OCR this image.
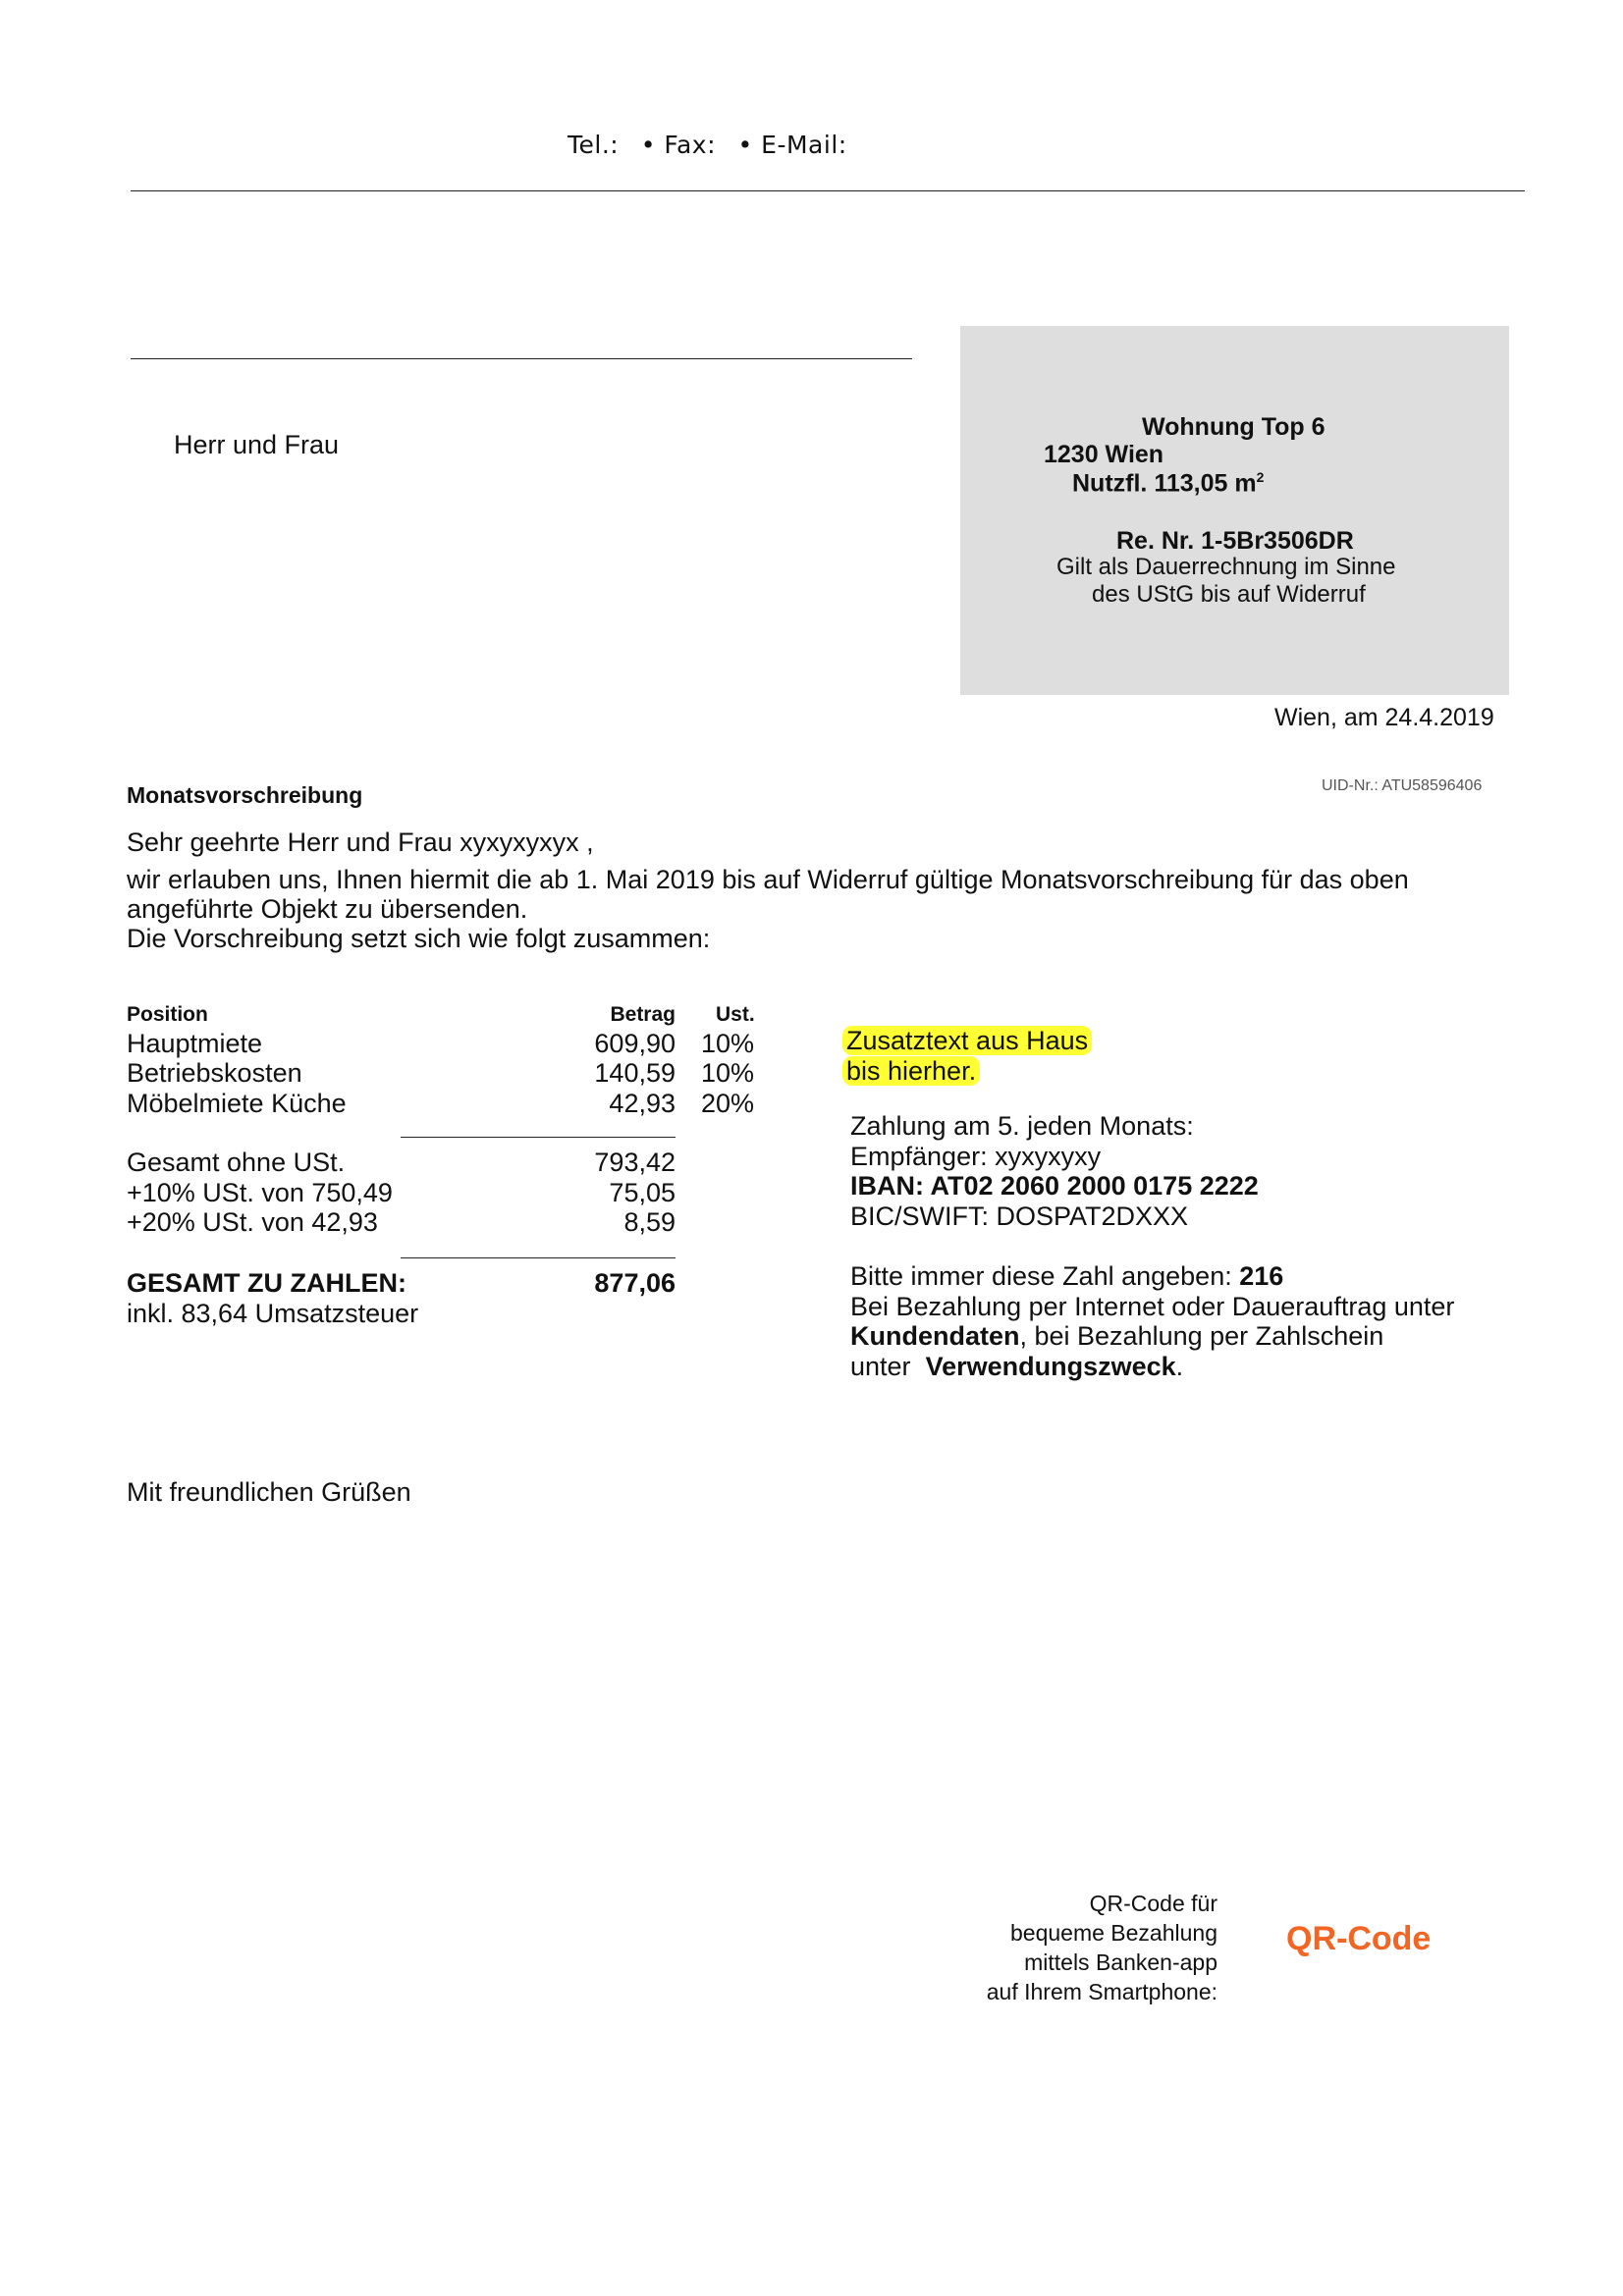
Tel.: • Fax: • E-Mail:
Herr und Frau
Wohnung Top 6
1230 Wien
Nutzfl. 113,05 $m^2$
Re. Nr. 1-5Br3506DR
Gilt als Dauerrechnung im Sinne
des UStG bis auf Widerruf
Wien, am 24.4.2019
UID-Nr.: ATU58596406
Monatsvorschreibung
Sehr geehrte Herr und Frau xyxyxyxyx ,
wir erlauben uns, Ihnen hiermit die ab 1. Mai 2019 bis auf Widerruf gültige Monatsvorschreibung für das oben
angeführte Objekt zu übersenden.
Die Vorschreibung setzt sich wie folgt zusammen:
Position	Betrag Ust.
Hauptmiete	609,90 10%
Betriebskosten	140,59 10%
Möbelmiete Küche	42,93 20%
Gesamt ohne USt.	793,42
+10% USt. von 750,49	75,05
+20% USt. von 42,93	8,59
GESAMT ZU ZAHLEN:	877,06
inkl. 83,64 Umsatzsteuer
Zusatztext aus Haus
bis hierher.
Zahlung am 5. jeden Monats:
Empfänger: xyxyxyxy
IBAN: AT02 2060 2000 0175 2222
BIC/SWIFT: DOSPAT2DXXX
Bitte immer diese Zahl angeben: 216
Bei Bezahlung per Internet oder Dauerauftrag unter
Kundendaten, bei Bezahlung per Zahlschein
unter Verwendungszweck.
Mit freundlichen Grüßen
QR-Code für
bequeme Bezahlung
mittels Banken-app
auf Ihrem Smartphone:
QR-Code
